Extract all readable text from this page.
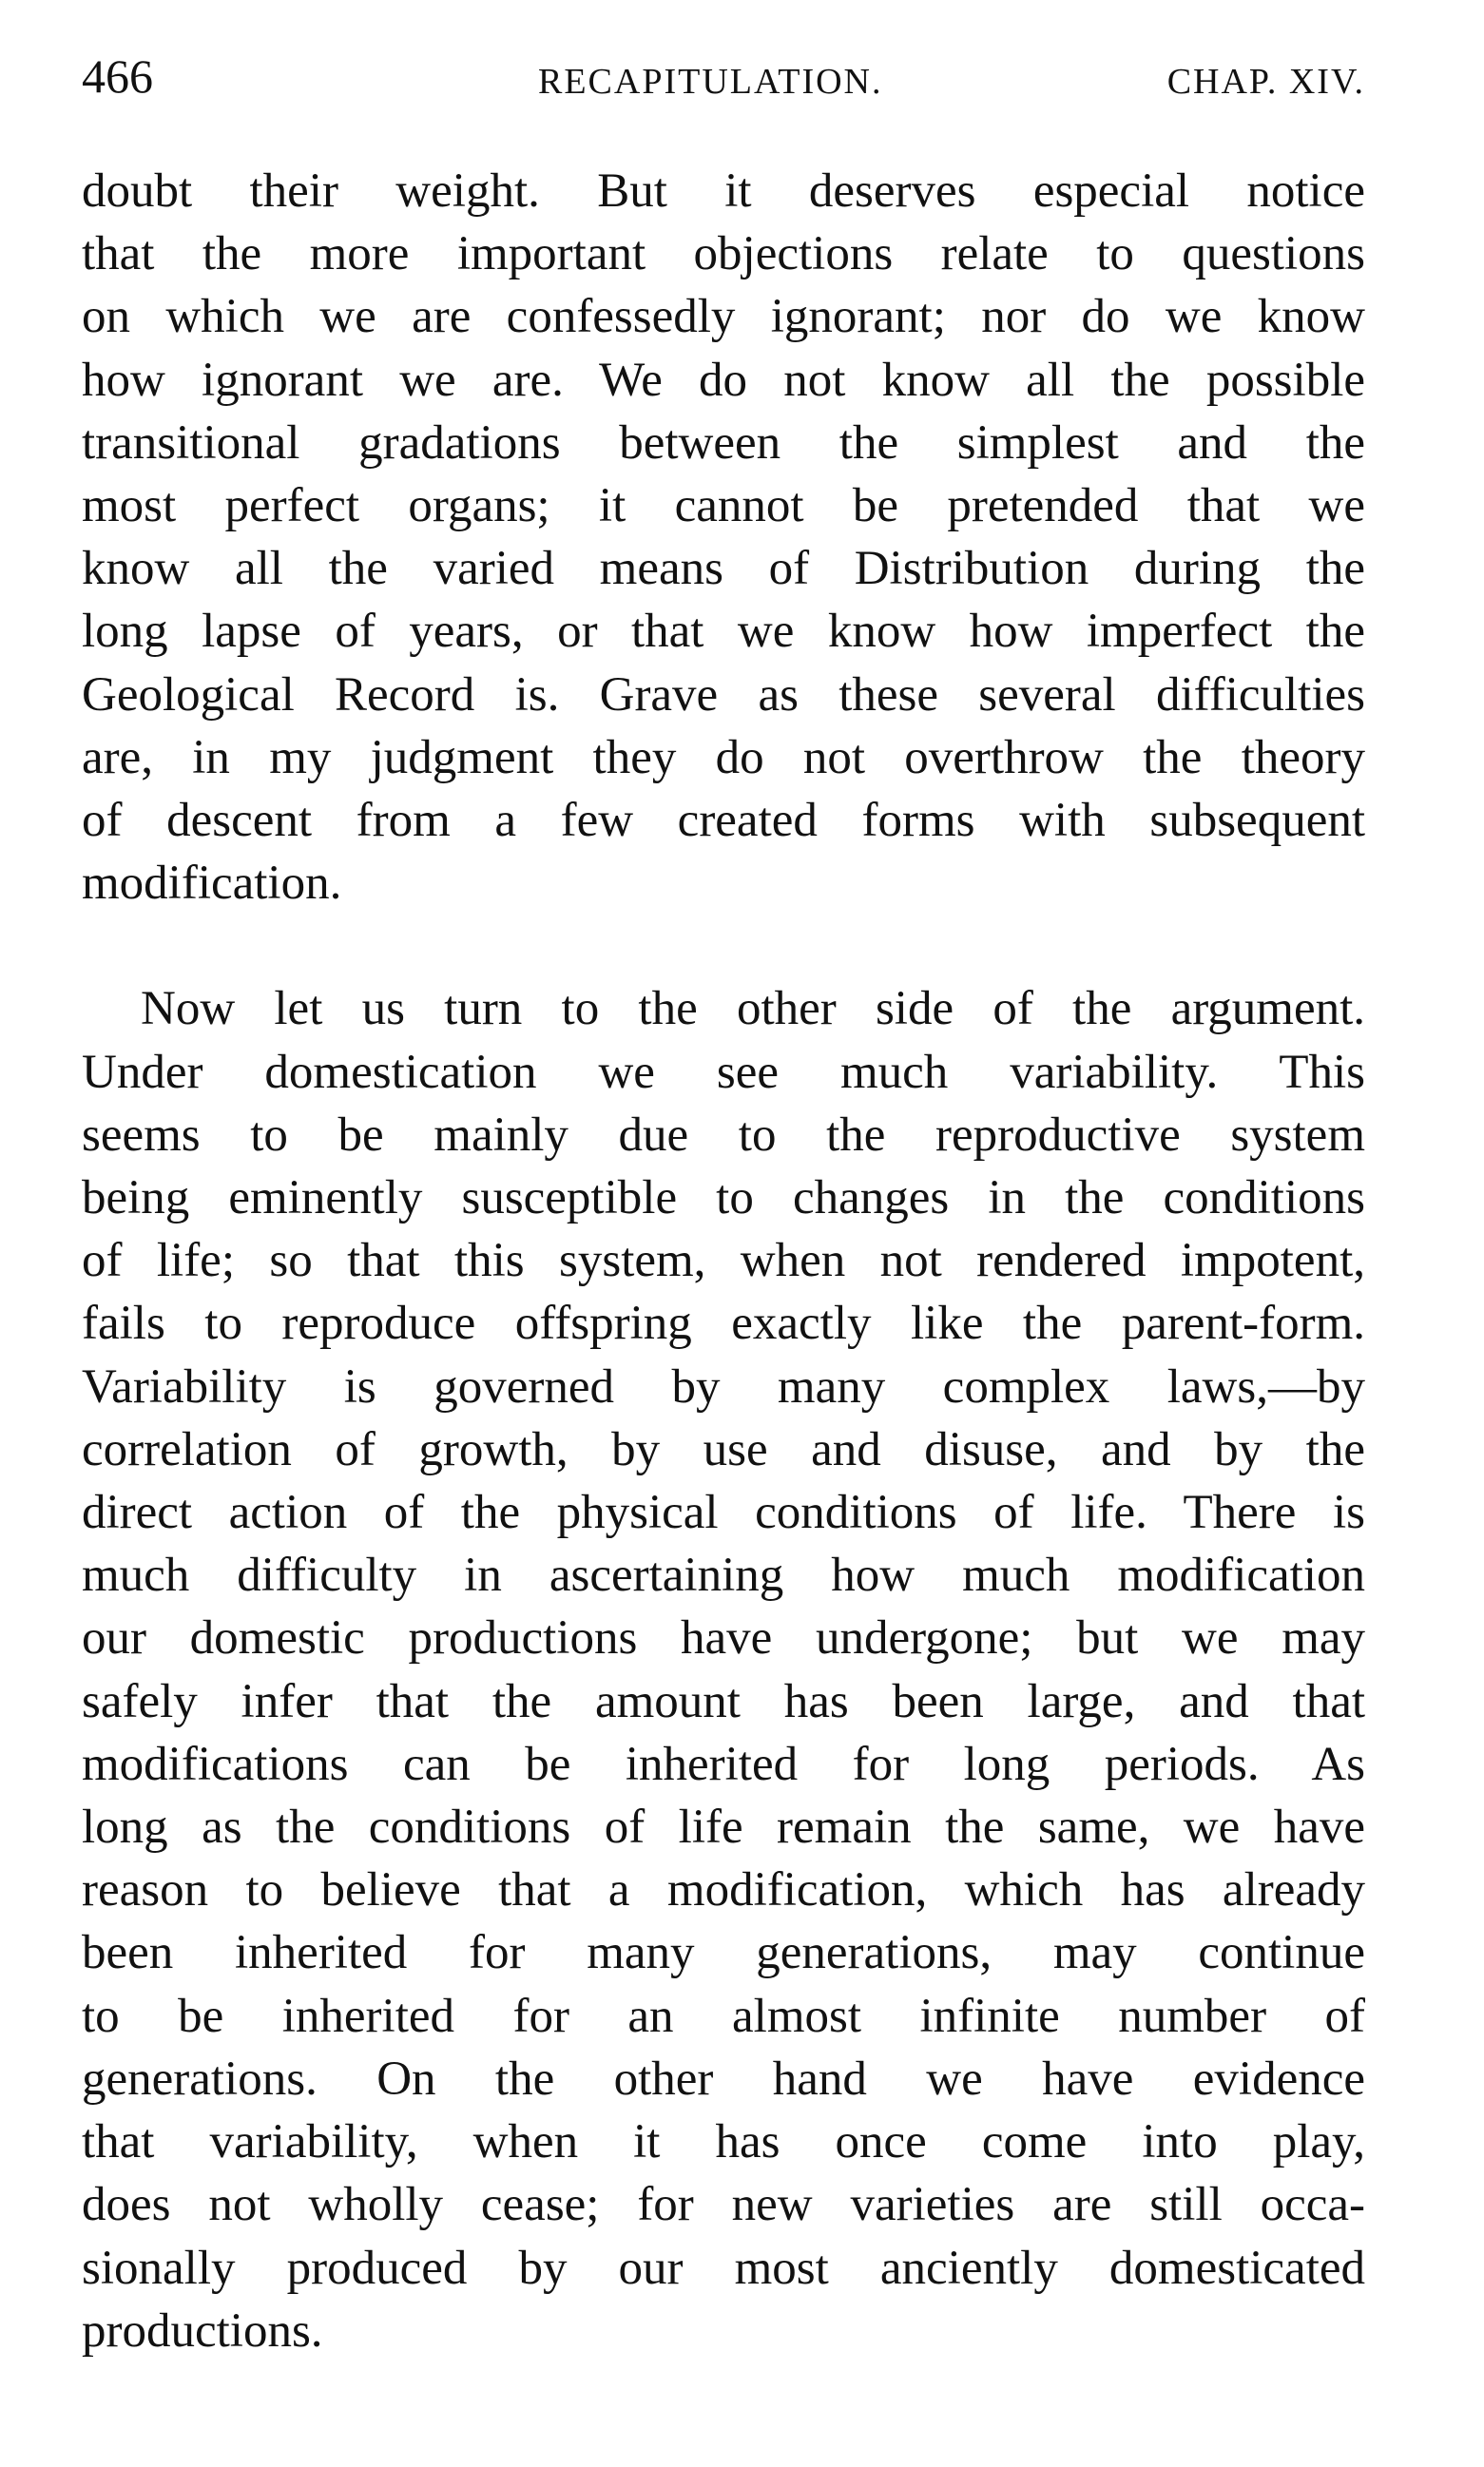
466	RECAPITULATION.	CHAP. XIV.

doubt their weight. But it deserves especial notice
that the more important objections relate to questions
on which we are confessedly ignorant; nor do we know
how ignorant we are. We do not know all the possible
transitional gradations between the simplest and the
most perfect organs; it cannot be pretended that we
know all the varied means of Distribution during the
long lapse of years, or that we know how imperfect the
Geological Record is. Grave as these several difficulties
are, in my judgment they do not overthrow the theory
of descent from a few created forms with subsequent
modification.

Now let us turn to the other side of the argument.
Under domestication we see much variability. This
seems to be mainly due to the reproductive system
being eminently susceptible to changes in the conditions
of life; so that this system, when not rendered impotent,
fails to reproduce offspring exactly like the parent-form.
Variability is governed by many complex laws,—by
correlation of growth, by use and disuse, and by the
direct action of the physical conditions of life. There is
much difficulty in ascertaining how much modification
our domestic productions have undergone; but we may
safely infer that the amount has been large, and that
modifications can be inherited for long periods. As
long as the conditions of life remain the same, we have
reason to believe that a modification, which has already
been inherited for many generations, may continue
to be inherited for an almost infinite number of
generations. On the other hand we have evidence
that variability, when it has once come into play,
does not wholly cease; for new varieties are still occa-
sionally produced by our most anciently domesticated
productions.
